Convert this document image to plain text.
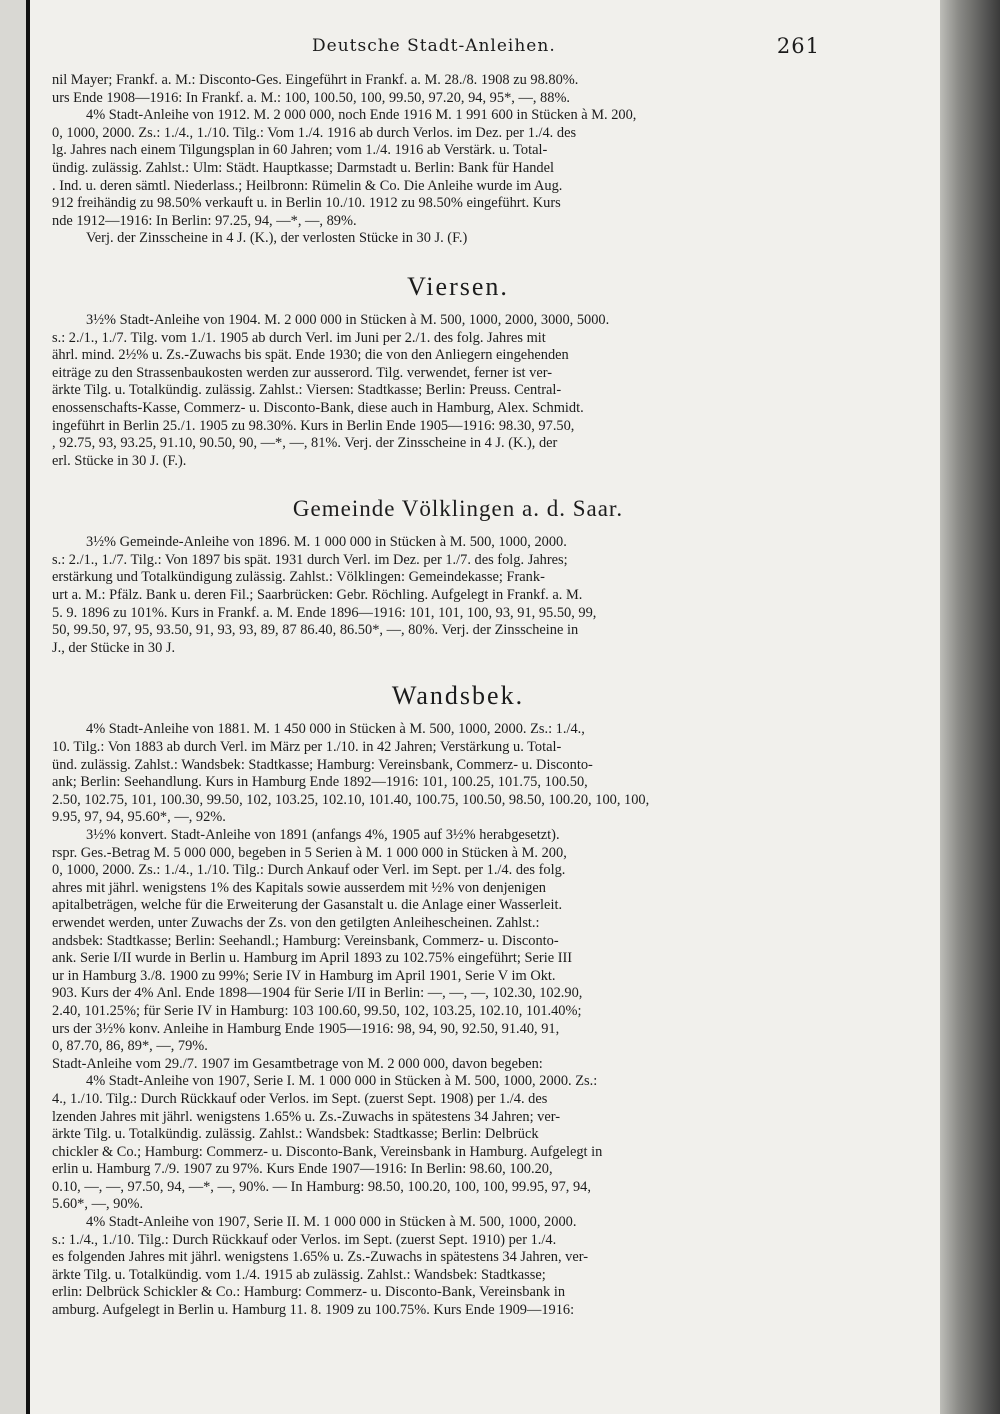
Deutsche Stadt-Anleihen.	261
nil Mayer; Frankf. a. M.: Disconto-Ges. Eingeführt in Frankf. a. M. 28./8. 1908 zu 98.80%.
urs Ende 1908—1916: In Frankf. a. M.: 100, 100.50, 100, 99.50, 97.20, 94, 95*, —, 88%.
4% Stadt-Anleihe von 1912. M. 2 000 000, noch Ende 1916 M. 1 991 600 in Stücken à M. 200,
0, 1000, 2000. Zs.: 1./4., 1./10. Tilg.: Vom 1./4. 1916 ab durch Verlos. im Dez. per 1./4. des
lg. Jahres nach einem Tilgungsplan in 60 Jahren; vom 1./4. 1916 ab Verstärk. u. Total-
ündig. zulässig. Zahlst.: Ulm: Städt. Hauptkasse; Darmstadt u. Berlin: Bank für Handel
. Ind. u. deren sämtl. Niederlass.; Heilbronn: Rümelin & Co. Die Anleihe wurde im Aug.
912 freihändig zu 98.50% verkauft u. in Berlin 10./10. 1912 zu 98.50% eingeführt. Kurs
nde 1912—1916: In Berlin: 97.25, 94, —*, —, 89%.
Verj. der Zinsscheine in 4 J. (K.), der verlosten Stücke in 30 J. (F.)
Viersen.
3½% Stadt-Anleihe von 1904. M. 2 000 000 in Stücken à M. 500, 1000, 2000, 3000, 5000.
s.: 2./1., 1./7. Tilg. vom 1./1. 1905 ab durch Verl. im Juni per 2./1. des folg. Jahres mit
ährl. mind. 2½% u. Zs.-Zuwachs bis spät. Ende 1930; die von den Anliegern eingehenden
eiträge zu den Strassenbaukosten werden zur ausserord. Tilg. verwendet, ferner ist ver-
ärkte Tilg. u. Totalkündig. zulässig. Zahlst.: Viersen: Stadtkasse; Berlin: Preuss. Central-
enossenschafts-Kasse, Commerz- u. Disconto-Bank, diese auch in Hamburg, Alex. Schmidt.
ingeführt in Berlin 25./1. 1905 zu 98.30%. Kurs in Berlin Ende 1905—1916: 98.30, 97.50,
, 92.75, 93, 93.25, 91.10, 90.50, 90, —*, —, 81%. Verj. der Zinsscheine in 4 J. (K.), der
erl. Stücke in 30 J. (F.).
Gemeinde Völklingen a. d. Saar.
3½% Gemeinde-Anleihe von 1896. M. 1 000 000 in Stücken à M. 500, 1000, 2000.
s.: 2./1., 1./7. Tilg.: Von 1897 bis spät. 1931 durch Verl. im Dez. per 1./7. des folg. Jahres;
erstärkung und Totalkündigung zulässig. Zahlst.: Völklingen: Gemeindekasse; Frank-
urt a. M.: Pfälz. Bank u. deren Fil.; Saarbrücken: Gebr. Röchling. Aufgelegt in Frankf. a. M.
5. 9. 1896 zu 101%. Kurs in Frankf. a. M. Ende 1896—1916: 101, 101, 100, 93, 91, 95.50, 99,
50, 99.50, 97, 95, 93.50, 91, 93, 93, 89, 87 86.40, 86.50*, —, 80%. Verj. der Zinsscheine in
J., der Stücke in 30 J.
Wandsbek.
4% Stadt-Anleihe von 1881. M. 1 450 000 in Stücken à M. 500, 1000, 2000. Zs.: 1./4.,
10. Tilg.: Von 1883 ab durch Verl. im März per 1./10. in 42 Jahren; Verstärkung u. Total-
ünd. zulässig. Zahlst.: Wandsbek: Stadtkasse; Hamburg: Vereinsbank, Commerz- u. Disconto-
ank; Berlin: Seehandlung. Kurs in Hamburg Ende 1892—1916: 101, 100.25, 101.75, 100.50,
2.50, 102.75, 101, 100.30, 99.50, 102, 103.25, 102.10, 101.40, 100.75, 100.50, 98.50, 100.20, 100, 100,
9.95, 97, 94, 95.60*, —, 92%.
3½% konvert. Stadt-Anleihe von 1891 (anfangs 4%, 1905 auf 3½% herabgesetzt).
rspr. Ges.-Betrag M. 5 000 000, begeben in 5 Serien à M. 1 000 000 in Stücken à M. 200,
0, 1000, 2000. Zs.: 1./4., 1./10. Tilg.: Durch Ankauf oder Verl. im Sept. per 1./4. des folg.
ahres mit jährl. wenigstens 1% des Kapitals sowie ausserdem mit ½% von denjenigen
apitalbeträgen, welche für die Erweiterung der Gasanstalt u. die Anlage einer Wasserleit.
erwendet werden, unter Zuwachs der Zs. von den getilgten Anleihescheinen. Zahlst.:
andsbek: Stadtkasse; Berlin: Seehandl.; Hamburg: Vereinsbank, Commerz- u. Disconto-
ank. Serie I/II wurde in Berlin u. Hamburg im April 1893 zu 102.75% eingeführt; Serie III
ur in Hamburg 3./8. 1900 zu 99%; Serie IV in Hamburg im April 1901, Serie V im Okt.
903. Kurs der 4% Anl. Ende 1898—1904 für Serie I/II in Berlin: —, —, —, 102.30, 102.90,
2.40, 101.25%; für Serie IV in Hamburg: 103 100.60, 99.50, 102, 103.25, 102.10, 101.40%;
urs der 3½% konv. Anleihe in Hamburg Ende 1905—1916: 98, 94, 90, 92.50, 91.40, 91,
0, 87.70, 86, 89*, —, 79%.
Stadt-Anleihe vom 29./7. 1907 im Gesamtbetrage von M. 2 000 000, davon begeben:
4% Stadt-Anleihe von 1907, Serie I. M. 1 000 000 in Stücken à M. 500, 1000, 2000. Zs.:
4., 1./10. Tilg.: Durch Rückkauf oder Verlos. im Sept. (zuerst Sept. 1908) per 1./4. des
lzenden Jahres mit jährl. wenigstens 1.65% u. Zs.-Zuwachs in spätestens 34 Jahren; ver-
ärkte Tilg. u. Totalkündig. zulässig. Zahlst.: Wandsbek: Stadtkasse; Berlin: Delbrück
chickler & Co.; Hamburg: Commerz- u. Disconto-Bank, Vereinsbank in Hamburg. Aufgelegt in
erlin u. Hamburg 7./9. 1907 zu 97%. Kurs Ende 1907—1916: In Berlin: 98.60, 100.20,
0.10, —, —, 97.50, 94, —*, —, 90%. — In Hamburg: 98.50, 100.20, 100, 100, 99.95, 97, 94,
5.60*, —, 90%.
4% Stadt-Anleihe von 1907, Serie II. M. 1 000 000 in Stücken à M. 500, 1000, 2000.
s.: 1./4., 1./10. Tilg.: Durch Rückkauf oder Verlos. im Sept. (zuerst Sept. 1910) per 1./4.
es folgenden Jahres mit jährl. wenigstens 1.65% u. Zs.-Zuwachs in spätestens 34 Jahren, ver-
ärkte Tilg. u. Totalkündig. vom 1./4. 1915 ab zulässig. Zahlst.: Wandsbek: Stadtkasse;
erlin: Delbrück Schickler & Co.: Hamburg: Commerz- u. Disconto-Bank, Vereinsbank in
amburg. Aufgelegt in Berlin u. Hamburg 11. 8. 1909 zu 100.75%. Kurs Ende 1909—1916:
